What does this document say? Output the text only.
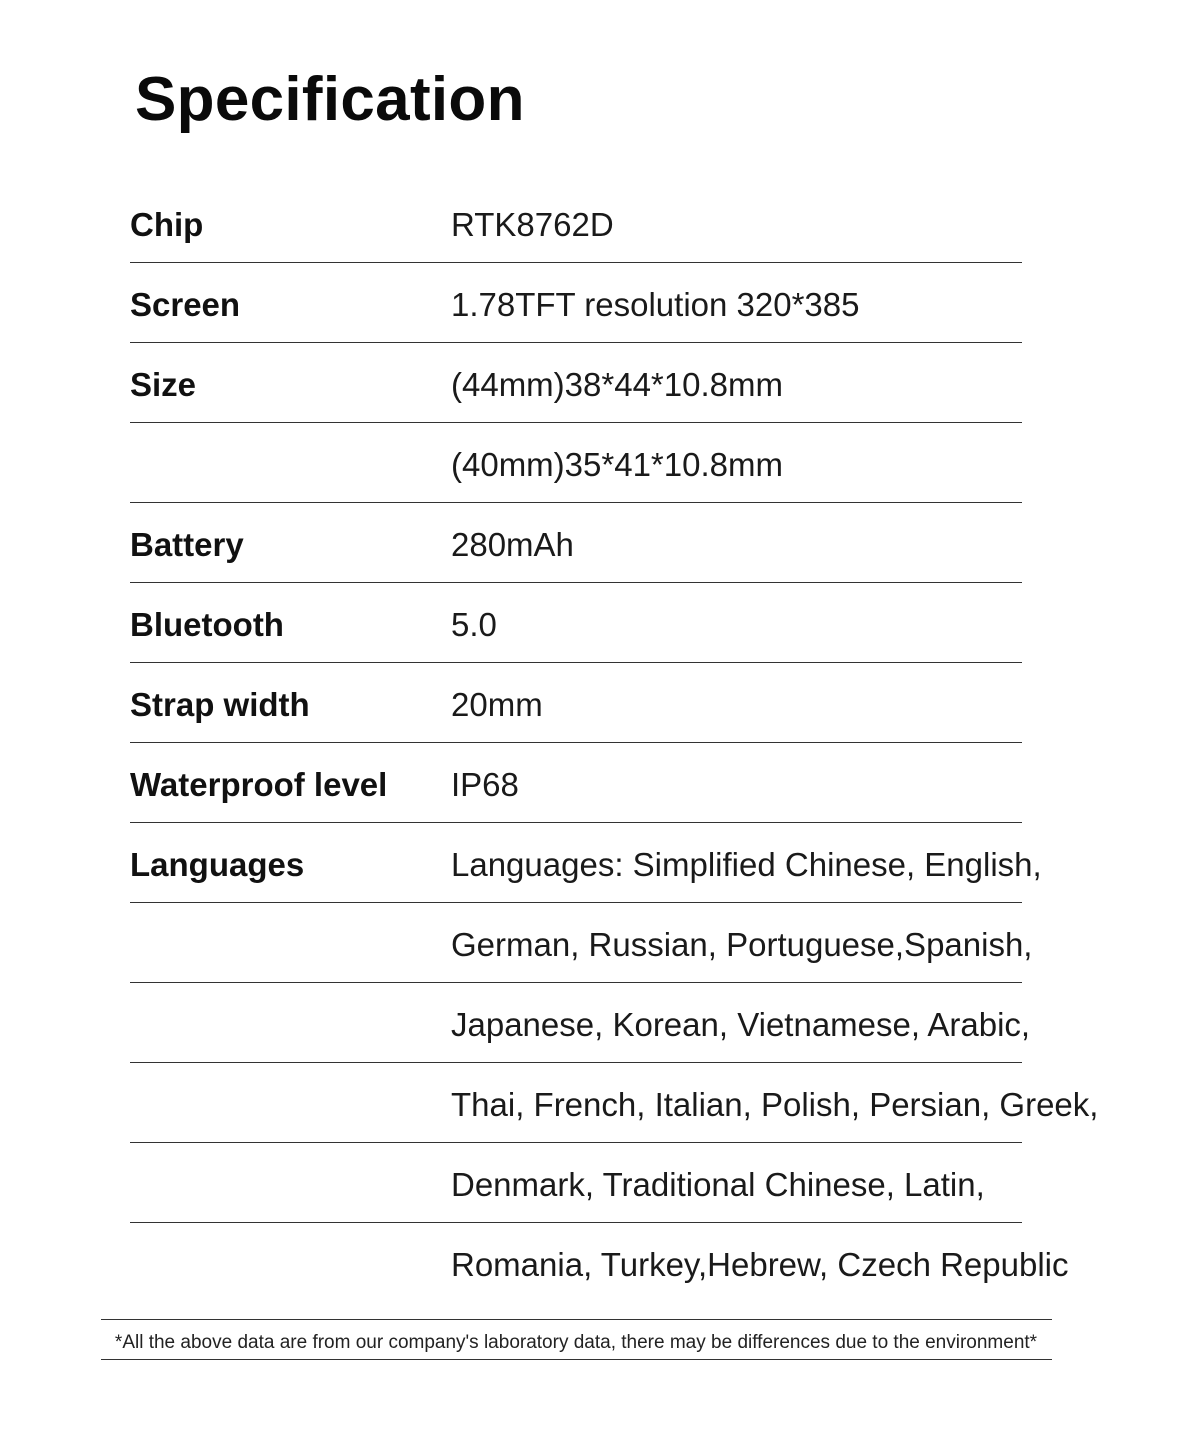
Specification
Chip	RTK8762D
Screen	1.78TFT resolution 320*385
Size	(44mm)38*44*10.8mm
(40mm)35*41*10.8mm
Battery	280mAh
Bluetooth	5.0
Strap width	20mm
Waterproof level IP68
Languages	Languages: Simplified Chinese, English,
German, Russian, Portuguese,Spanish,
Japanese, Korean, Vietnamese, Arabic,
Thai, French, Italian, Polish, Persian, Greek,
Denmark, Traditional Chinese, Latin,
Romania, Turkey,Hebrew, Czech Republic
*All the above data are from our company's laboratory data, there may be differences due to the environment*
